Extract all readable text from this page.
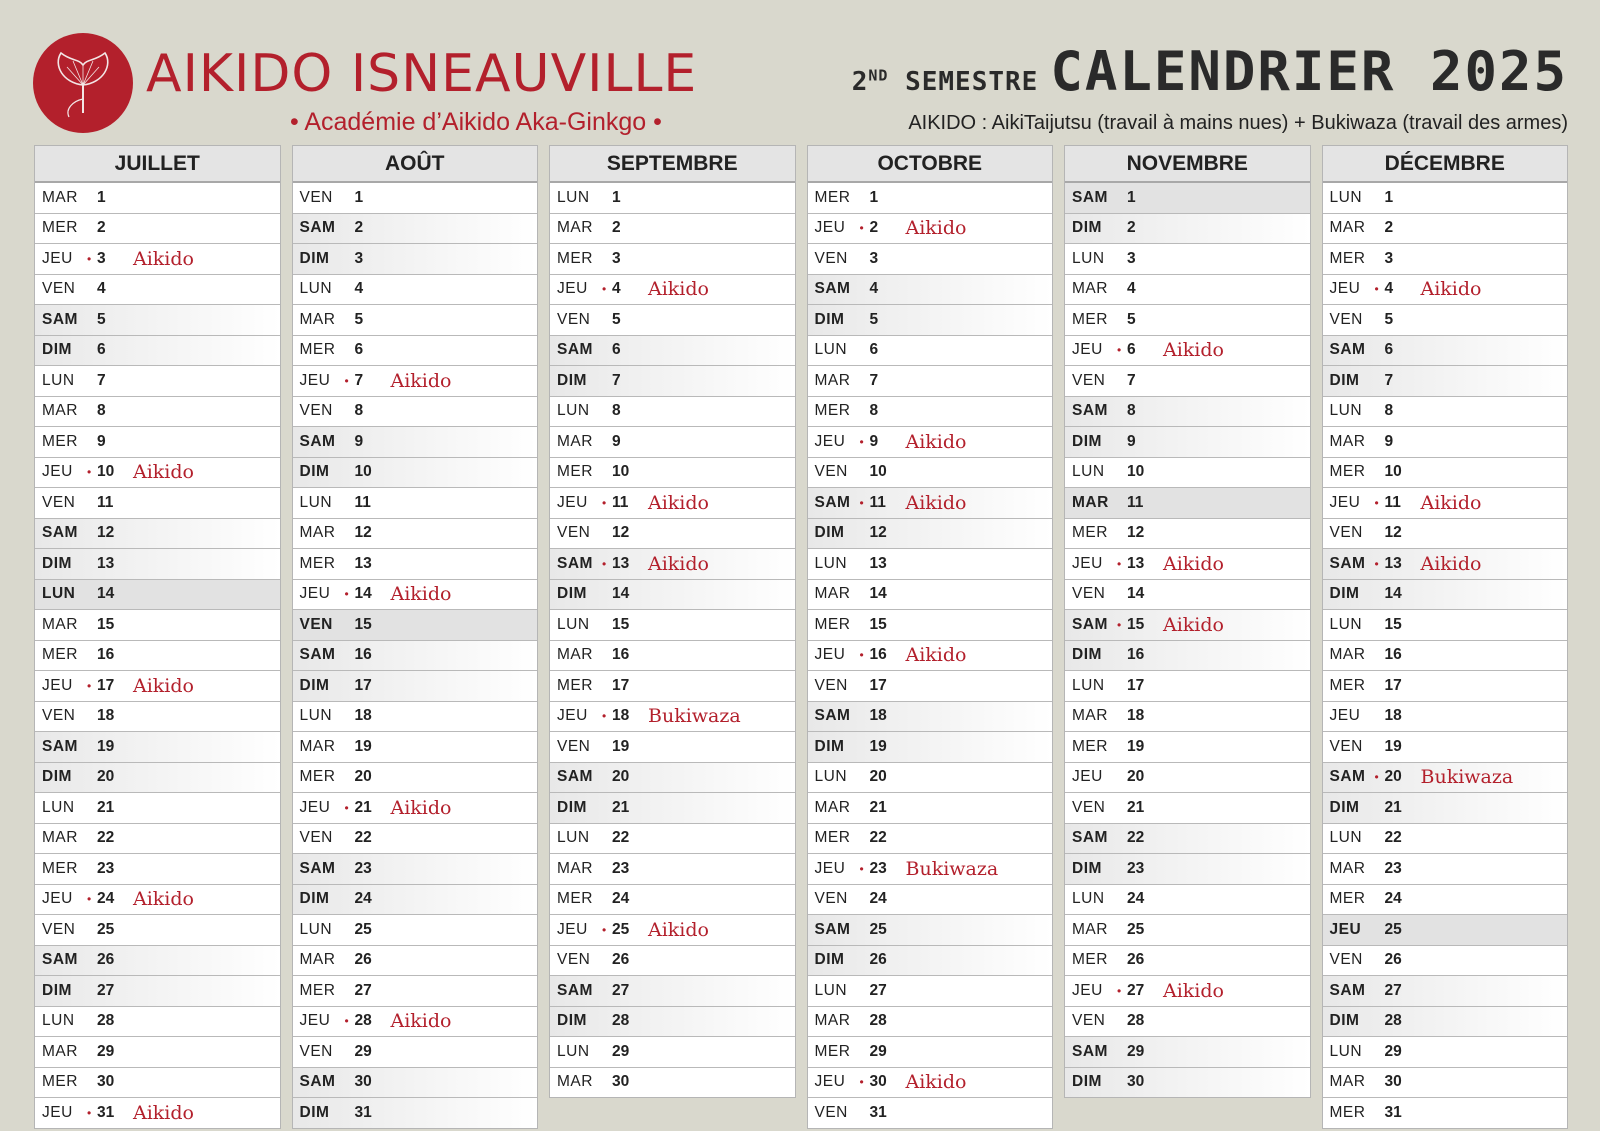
AIKIDO ISNEAUVILLE
• Académie d’Aikido Aka-Ginkgo •
2ND SEMESTRE CALENDRIER 2025
AIKIDO : AikiTaijutsu (travail à mains nues) + Bukiwaza (travail des armes)
JUILLET
MAR	1
MER	2
JEU	• 3	Aikido
VEN	4
SAM	5
DIM	6
LUN	7
MAR	8
MER	9
JEU	• 10 Aikido
VEN	11
SAM	12
DIM	13
LUN	14
MAR	15
MER	16
JEU	• 17 Aikido
VEN	18
SAM	19
DIM	20
LUN	21
MAR	22
MER	23
JEU	• 24 Aikido
VEN	25
SAM	26
DIM	27
LUN	28
MAR	29
MER	30
JEU	• 31 Aikido
AOÛT
VEN	1
SAM	2
DIM	3
LUN	4
MAR	5
MER	6
JEU	• 7	Aikido
VEN	8
SAM	9
DIM	10
LUN	11
MAR	12
MER	13
JEU	• 14 Aikido
VEN	15
SAM	16
DIM	17
LUN	18
MAR	19
MER	20
JEU	• 21 Aikido
VEN	22
SAM	23
DIM	24
LUN	25
MAR	26
MER	27
JEU	• 28 Aikido
VEN	29
SAM	30
DIM	31
SEPTEMBRE
LUN	1
MAR	2
MER	3
JEU	• 4	Aikido
VEN	5
SAM	6
DIM	7
LUN	8
MAR	9
MER	10
JEU	• 11	Aikido
VEN	12
SAM • 13 Aikido
DIM	14
LUN	15
MAR	16
MER	17
JEU	• 18 Bukiwaza
VEN	19
SAM	20
DIM	21
LUN	22
MAR	23
MER	24
JEU	• 25 Aikido
VEN	26
SAM	27
DIM	28
LUN	29
MAR	30
OCTOBRE
MER	1
JEU	• 2	Aikido
VEN	3
SAM	4
DIM	5
LUN	6
MAR	7
MER	8
JEU	• 9	Aikido
VEN	10
SAM • 11	Aikido
DIM	12
LUN	13
MAR	14
MER	15
JEU	• 16 Aikido
VEN	17
SAM	18
DIM	19
LUN	20
MAR	21
MER	22
JEU	• 23 Bukiwaza
VEN	24
SAM	25
DIM	26
LUN	27
MAR	28
MER	29
JEU	• 30 Aikido
VEN	31
NOVEMBRE
SAM	1
DIM	2
LUN	3
MAR	4
MER	5
JEU	• 6	Aikido
VEN	7
SAM	8
DIM	9
LUN	10
MAR	11
MER	12
JEU	• 13 Aikido
VEN	14
SAM • 15 Aikido
DIM	16
LUN	17
MAR	18
MER	19
JEU	20
VEN	21
SAM	22
DIM	23
LUN	24
MAR	25
MER	26
JEU	• 27 Aikido
VEN	28
SAM	29
DIM	30
DÉCEMBRE
LUN	1
MAR	2
MER	3
JEU	• 4	Aikido
VEN	5
SAM	6
DIM	7
LUN	8
MAR	9
MER	10
JEU	• 11	Aikido
VEN	12
SAM • 13 Aikido
DIM	14
LUN	15
MAR	16
MER	17
JEU	18
VEN	19
SAM • 20 Bukiwaza
DIM	21
LUN	22
MAR	23
MER	24
JEU	25
VEN	26
SAM	27
DIM	28
LUN	29
MAR	30
MER	31
